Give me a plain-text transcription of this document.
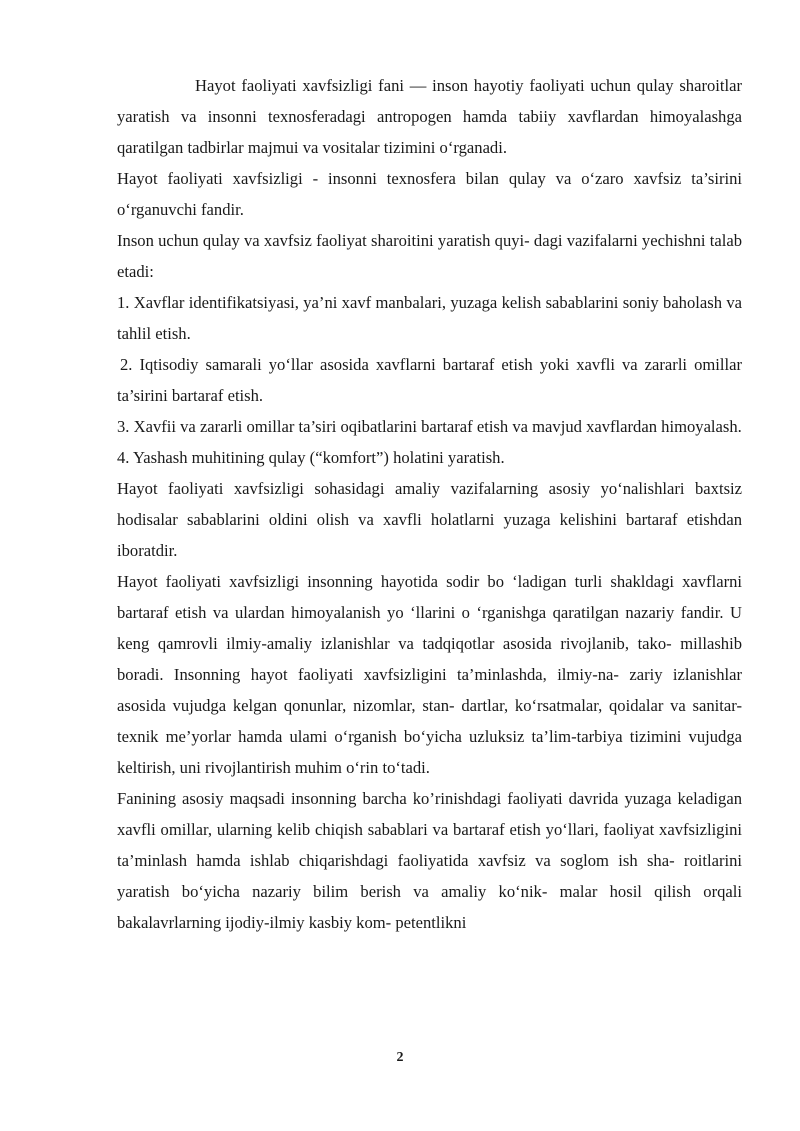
Hayot faoliyati xavfsizligi fani — inson hayotiy faoliyati uchun qulay sharoitlar yaratish va insonni texnosferadagi antropogen hamda tabiiy xavflardan himoyalashga qaratilgan tadbirlar majmui va vositalar tizimini o‘rganadi.

Hayot faoliyati xavfsizligi - insonni texnosfera bilan qulay va o‘zaro xavfsiz ta’sirini o‘rganuvchi fandir.

Inson uchun qulay va xavfsiz faoliyat sharoitini yaratish quyi- dagi vazifalarni yechishni talab etadi:

1. Xavflar identifikatsiyasi, ya’ni xavf manbalari, yuzaga kelish sabablarini soniy baholash va tahlil etish.

2. Iqtisodiy samarali yo‘llar asosida xavflarni bartaraf etish yoki xavfli va zararli omillar ta’sirini bartaraf etish.

3. Xavfii va zararli omillar ta’siri oqibatlarini bartaraf etish va mavjud xavflardan himoyalash.

4. Yashash muhitining qulay (“komfort”) holatini yaratish.

Hayot faoliyati xavfsizligi sohasidagi amaliy vazifalarning asosiy yo‘nalishlari baxtsiz hodisalar sabablarini oldini olish va xavfli holatlarni yuzaga kelishini bartaraf etishdan iboratdir.

Hayot faoliyati xavfsizligi insonning hayotida sodir bo ‘ladigan turli shakldagi xavflarni bartaraf etish va ulardan himoyalanish yo ‘llarini o ‘rganishga qaratilgan nazariy fandir. U keng qamrovli ilmiy-amaliy izlanishlar va tadqiqotlar asosida rivojlanib, tako- millashib boradi. Insonning hayot faoliyati xavfsizligini ta’minlashda, ilmiy-na- zariy izlanishlar asosida vujudga kelgan qonunlar, nizomlar, stan- dartlar, ko‘rsatmalar, qoidalar va sanitar-texnik me’yorlar hamda ulami o‘rganish bo‘yicha uzluksiz ta’lim-tarbiya tizimini vujudga keltirish, uni rivojlantirish muhim o‘rin to‘tadi.

Fanining asosiy maqsadi insonning barcha ko’rinishdagi faoliyati davrida yuzaga keladigan xavfli omillar, ularning kelib chiqish sabablari va bartaraf etish yo‘llari, faoliyat xavfsizligini ta’minlash hamda ishlab chiqarishdagi faoliyatida xavfsiz va soglom ish sha- roitlarini yaratish bo‘yicha nazariy bilim berish va amaliy ko‘nik- malar hosil qilish orqali bakalavrlarning ijodiy-ilmiy kasbiy kom- petentlikni

2
